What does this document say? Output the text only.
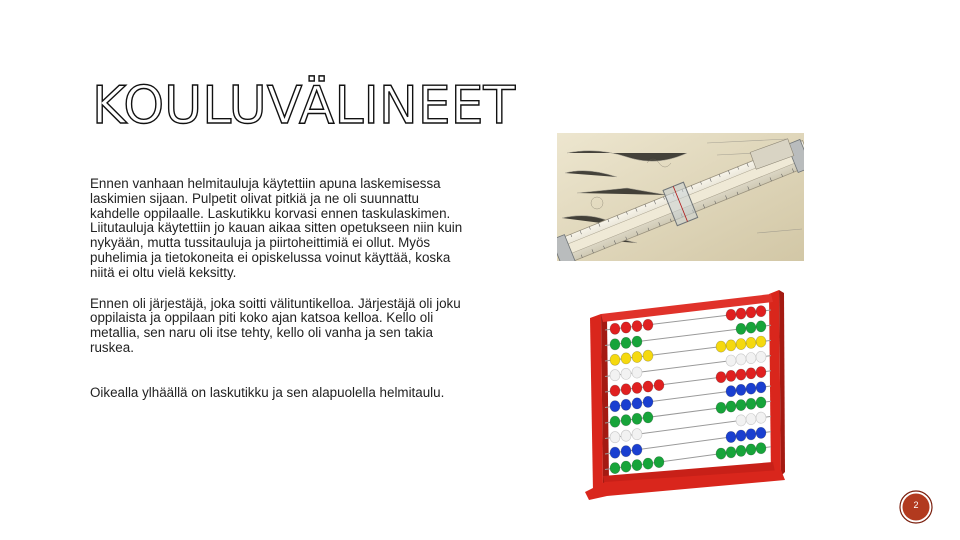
KOULUVÄLINEET

Ennen vanhaan helmitauluja käytettiin apuna laskemisessa laskimien sijaan. Pulpetit olivat pitkiä ja ne oli suunnattu kahdelle oppilaalle. Laskutikku korvasi ennen taskulaskimen. Liitutauluja käytettiin jo kauan aikaa sitten opetukseen niin kuin nykyään, mutta tussitauluja ja piirtoheittimiä ei ollut. Myös puhelimia ja tietokoneita ei opiskelussa voinut käyttää, koska niitä ei oltu vielä keksitty.

Ennen oli järjestäjä, joka soitti välituntikelloa. Järjestäjä oli joku oppilaista ja oppilaan piti koko ajan katsoa kelloa. Kello oli metallia, sen naru oli itse tehty, kello oli vanha ja sen takia ruskea.

Oikealla ylhäällä on laskutikku ja sen alapuolella helmitaulu.

2
